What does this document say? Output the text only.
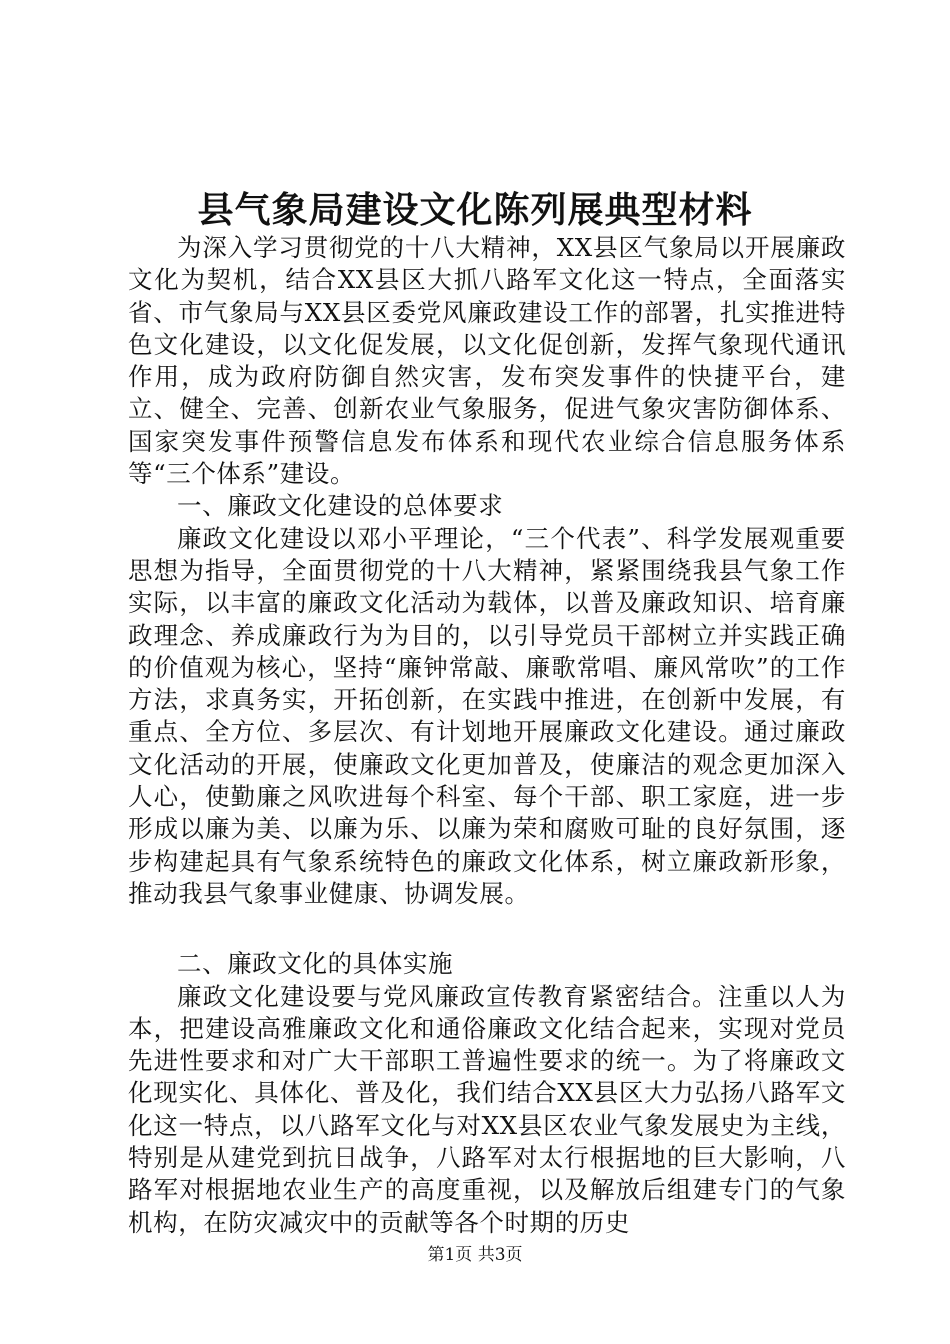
县气象局建设文化陈列展典型材料

为深入学习贯彻党的十八大精神，XX县区气象局以开展廉政文化为契机，结合XX县区大抓八路军文化这一特点，全面落实省、市气象局与XX县区委党风廉政建设工作的部署，扎实推进特色文化建设，以文化促发展，以文化促创新，发挥气象现代通讯作用，成为政府防御自然灾害，发布突发事件的快捷平台，建立、健全、完善、创新农业气象服务，促进气象灾害防御体系、国家突发事件预警信息发布体系和现代农业综合信息服务体系等“三个体系”建设。

一、廉政文化建设的总体要求

廉政文化建设以邓小平理论，“三个代表”、科学发展观重要思想为指导，全面贯彻党的十八大精神，紧紧围绕我县气象工作实际，以丰富的廉政文化活动为载体，以普及廉政知识、培育廉政理念、养成廉政行为为目的，以引导党员干部树立并实践正确的价值观为核心，坚持“廉钟常敲、廉歌常唱、廉风常吹”的工作方法，求真务实，开拓创新，在实践中推进，在创新中发展，有重点、全方位、多层次、有计划地开展廉政文化建设。通过廉政文化活动的开展，使廉政文化更加普及，使廉洁的观念更加深入人心，使勤廉之风吹进每个科室、每个干部、职工家庭，进一步形成以廉为美、以廉为乐、以廉为荣和腐败可耻的良好氛围，逐步构建起具有气象系统特色的廉政文化体系，树立廉政新形象，推动我县气象事业健康、协调发展。

二、廉政文化的具体实施

廉政文化建设要与党风廉政宣传教育紧密结合。注重以人为本，把建设高雅廉政文化和通俗廉政文化结合起来，实现对党员先进性要求和对广大干部职工普遍性要求的统一。为了将廉政文化现实化、具体化、普及化，我们结合XX县区大力弘扬八路军文化这一特点，以八路军文化与对XX县区农业气象发展史为主线，特别是从建党到抗日战争，八路军对太行根据地的巨大影响，八路军对根据地农业生产的高度重视，以及解放后组建专门的气象机构，在防灾减灾中的贡献等各个时期的历史

第1页 共3页
